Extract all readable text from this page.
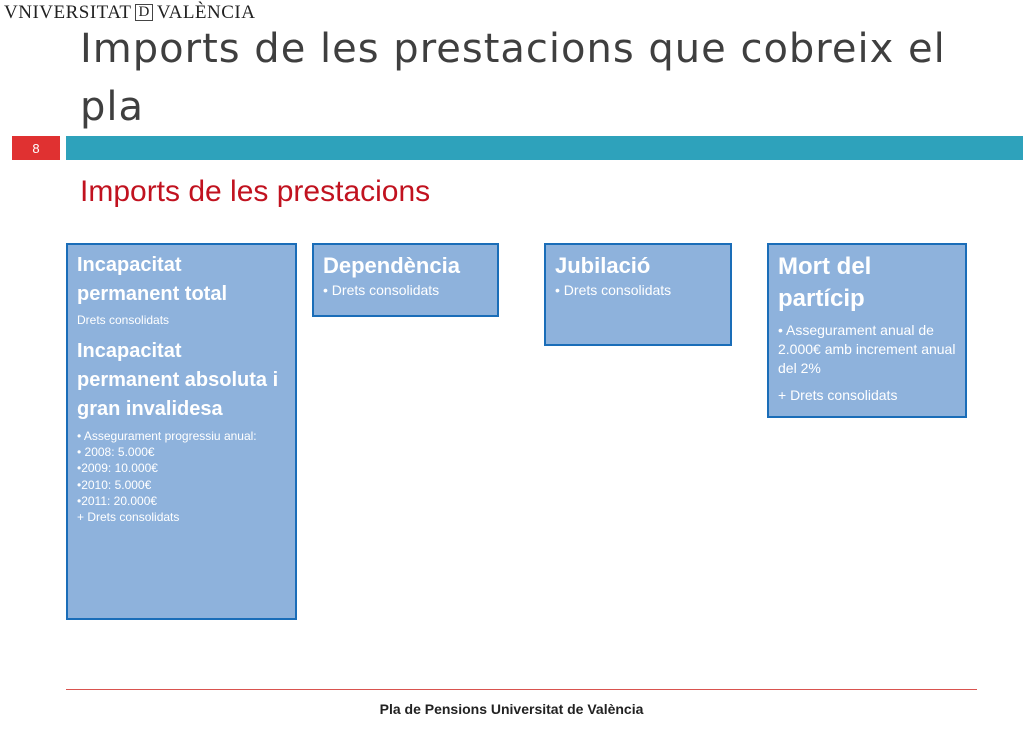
VNIVERSITAT D VALÈNCIA
Imports de les prestacions que cobreix el pla
8
Imports de les prestacions
Incapacitat permanent total

Drets consolidats

Incapacitat permanent absoluta i gran invalidesa

• Assegurament progressiu anual:

• 2008: 5.000€

•2009: 10.000€

•2010: 5.000€

•2011: 20.000€

+ Drets consolidats

Dependència

• Drets consolidats

Jubilació

• Drets consolidats

Mort del partícip

• Assegurament anual de 2.000€ amb increment anual del 2%

+ Drets consolidats

Pla de Pensions Universitat de València
